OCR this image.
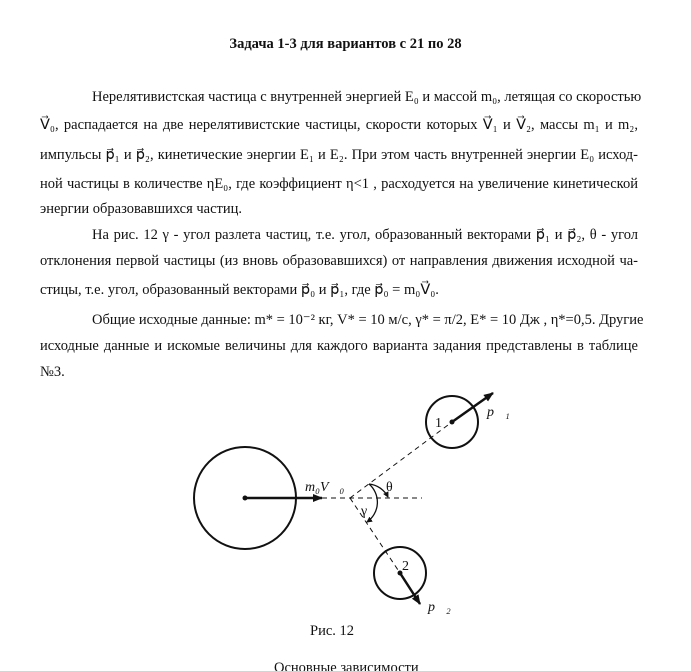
Задача 1-3 для вариантов с 21 по 28
Нерелятивистская частица с внутренней энергией E₀ и массой m₀, летящая со скоростью
V⃗₀, распадается на две нерелятивистские частицы, скорости которых V⃗₁ и V⃗₂, массы m₁ и m₂,
импульсы p⃗₁ и p⃗₂, кинетические энергии E₁ и E₂. При этом часть внутренней энергии E₀ исход-
ной частицы в количестве ηE₀, где коэффициент η<1 , расходуется на увеличение кинетической
энергии образовавшихся частиц.
На рис. 12 γ - угол разлета частиц, т.е. угол, образованный векторами p⃗₁ и p⃗₂, θ - угол
отклонения первой частицы (из вновь образовавшихся) от направления движения исходной ча-
стицы, т.е. угол, образованный векторами p⃗₀ и p⃗₁, где p⃗₀ = m₀V⃗₀.
Общие исходные данные: m* = 10⁻² кг, V* = 10 м/с, γ* = π/2, E* = 10 Дж , η*=0,5. Другие
исходные данные и искомые величины для каждого варианта задания представлены в таблице
№3.
m₀V⃗₀
1
2
p⃗₁
p⃗₂
θ
γ
Рис. 12
Основные зависимости
